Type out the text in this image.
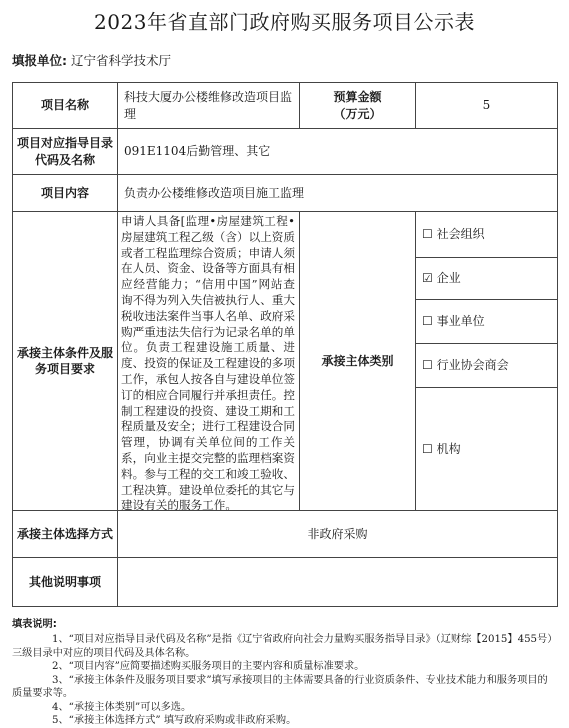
2023年省直部门政府购买服务项目公示表
填报单位: 辽宁省科学技术厅
项目名称
科技大厦办公楼维修改造项目监理
预算金额
（万元）
5
项目对应指导目录代码及名称
091E1104后勤管理、其它
项目内容	负责办公楼维修改造项目施工监理
承接主体条件及服务项目要求
申请人具备[监理•房屋建筑工程•房屋建筑工程乙级（含）以上资质或者工程监理综合资质；申请人须在人员、资金、设备等方面具有相应经营能力；“信用中国”网站查询不得为列入失信被执行人、重大税收违法案件当事人名单、政府采购严重违法失信行为记录名单的单位。负责工程建设施工质量、进度、投资的保证及工程建设的多项工作，承包人按各自与建设单位签订的相应合同履行并承担责任。控制工程建设的投资、建设工期和工程质量及安全；进行工程建设合同管理，协调有关单位间的工作关系，向业主提交完整的监理档案资料。参与工程的交工和竣工验收、工程决算。建设单位委托的其它与建设有关的服务工作。
承接主体类别
☐
社会组织
☑
企业
☐
事业单位
☐
行业协会商会
☐
机构
承接主体选择方式	非政府采购
其他说明事项
填表说明:
1、“项目对应指导目录代码及名称”是指《辽宁省政府向社会力量购买服务指导目录》（辽财综【2015】455号）三级目录中对应的项目代码及具体名称。
2、“项目内容”应简要描述购买服务项目的主要内容和质量标准要求。
3、“承接主体条件及服务项目要求”填写承接项目的主体需要具备的行业资质条件、专业技术能力和服务项目的质量要求等。
4、“承接主体类别”可以多选。
5、“承接主体选择方式” 填写政府采购或非政府采购。
